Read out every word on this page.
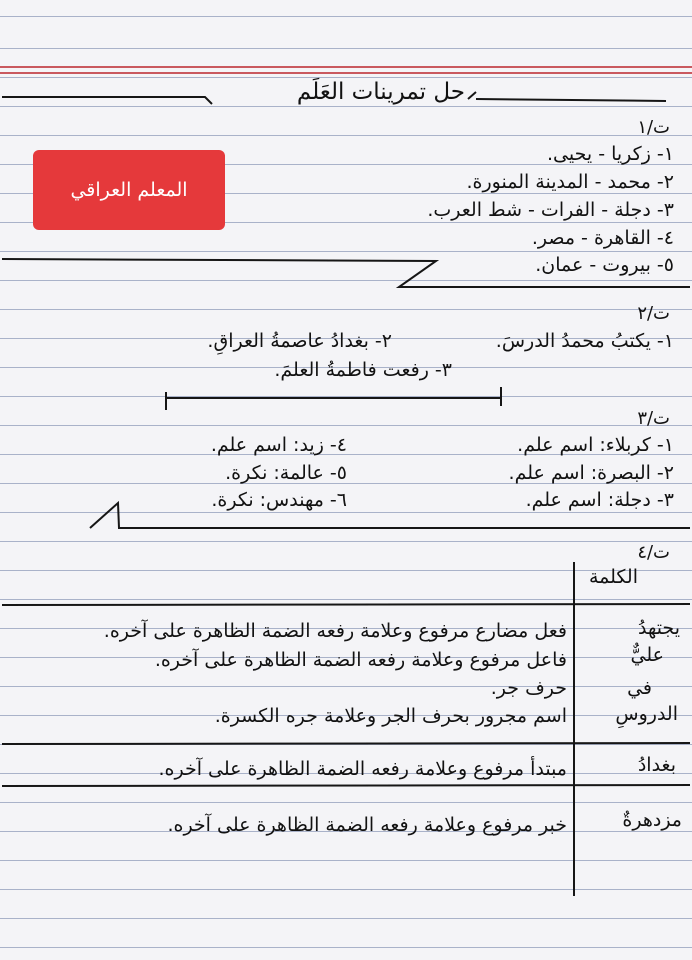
المعلم العراقي
حل تمرينات العَلَم
ت/١
١- زكريا - يحيى.
٢- محمد - المدينة المنورة.
٣- دجلة - الفرات - شط العرب.
٤- القاهرة - مصر.
٥- بيروت - عمان.
ت/٢
١- يكتبُ محمدُ الدرسَ.
٢- بغدادُ عاصمةُ العراقِ.
٣- رفعت فاطمةُ العلمَ.
ت/٣
١- كربلاء: اسم علم.
٢- البصرة: اسم علم.
٣- دجلة: اسم علم.
٤- زيد: اسم علم.
٥- عالمة: نكرة.
٦- مهندس: نكرة.
ت/٤
الكلمة
يجتهدُ
عليٌّ
في
الدروسِ
بغدادُ
مزدهرةٌ
فعل مضارع مرفوع وعلامة رفعه الضمة الظاهرة على آخره.
فاعل مرفوع وعلامة رفعه الضمة الظاهرة على آخره.
حرف جر.
اسم مجرور بحرف الجر وعلامة جره الكسرة.
مبتدأ مرفوع وعلامة رفعه الضمة الظاهرة على آخره.
خبر مرفوع وعلامة رفعه الضمة الظاهرة على آخره.
